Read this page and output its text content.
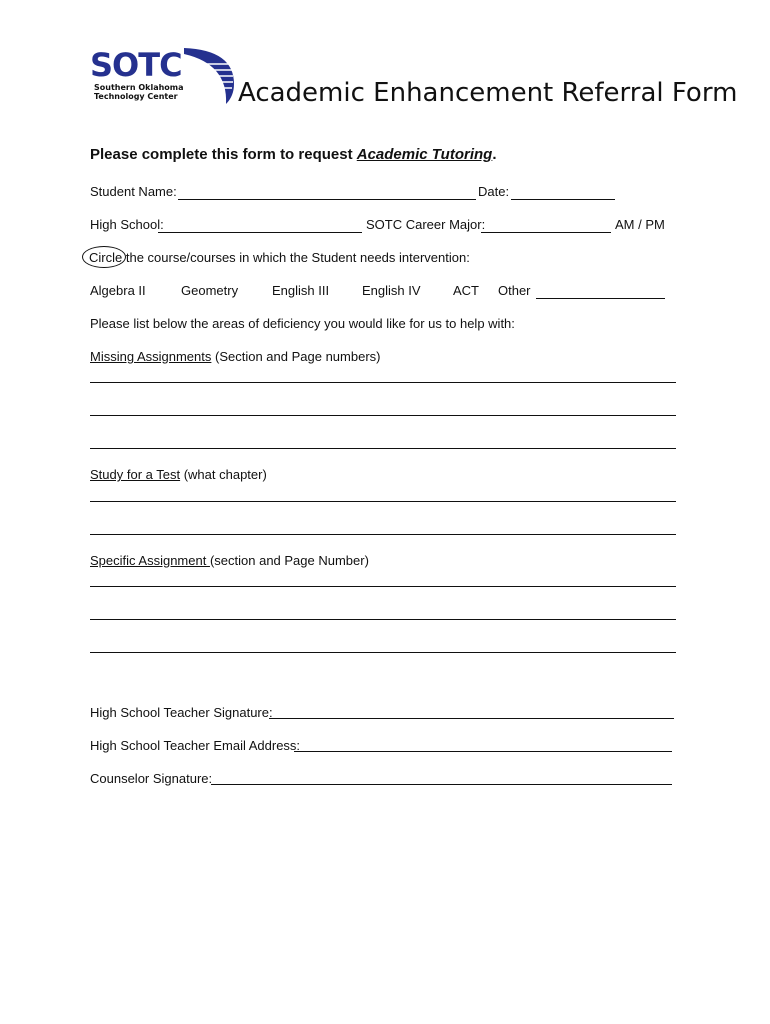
SOTC
Southern Oklahoma
Technology Center Academic Enhancement Referral Form
Please complete this form to request Academic Tutoring.
Student Name:	Date:
High School:	SOTC Career Major:	AM / PM
Circle the course/courses in which the Student needs intervention:
Algebra II	Geometry	English III	English IV ACT Other
Please list below the areas of deficiency you would like for us to help with:
Missing Assignments (Section and Page numbers)
Study for a Test (what chapter)
Specific Assignment (section and Page Number)
High School Teacher Signature:
High School Teacher Email Address:
Counselor Signature:
